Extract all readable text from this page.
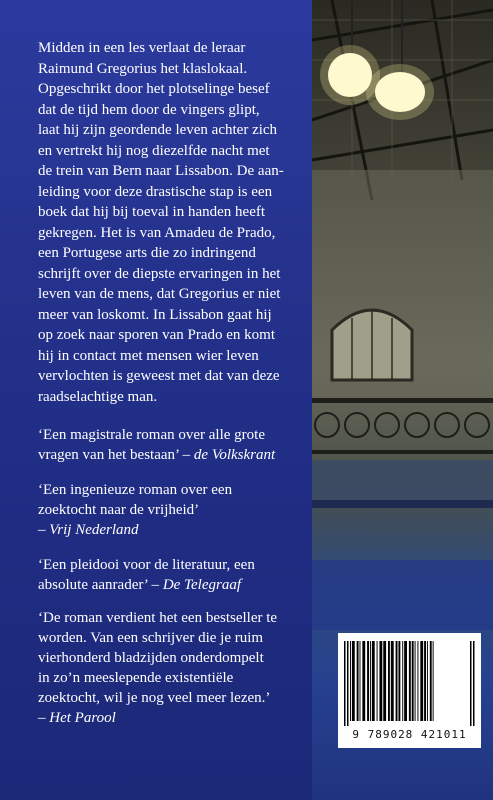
Midden in een les verlaat de leraar
Raimund Gregorius het klaslokaal.
Opgeschrikt door het plotselinge besef
dat de tijd hem door de vingers glipt,
laat hij zijn geordende leven achter zich
en vertrekt hij nog diezelfde nacht met
de trein van Bern naar Lissabon. De aan-
leiding voor deze drastische stap is een
boek dat hij bij toeval in handen heeft
gekregen. Het is van Amadeu de Prado,
een Portugese arts die zo indringend
schrijft over de diepste ervaringen in het
leven van de mens, dat Gregorius er niet
meer van loskomt. In Lissabon gaat hij
op zoek naar sporen van Prado en komt
hij in contact met mensen wier leven
vervlochten is geweest met dat van deze
raadselachtige man.

‘Een magistrale roman over alle grote
vragen van het bestaan’ – de Volkskrant

‘Een ingenieuze roman over een
zoektocht naar de vrijheid’
– Vrij Nederland

‘Een pleidooi voor de literatuur, een
absolute aanrader’ – De Telegraaf

‘De roman verdient het een bestseller te
worden. Van een schrijver die je ruim
vierhonderd bladzijden onderdompelt
in zo’n meeslepende existentiële
zoektocht, wil je nog veel meer lezen.’
– Het Parool

9 789028 421011
